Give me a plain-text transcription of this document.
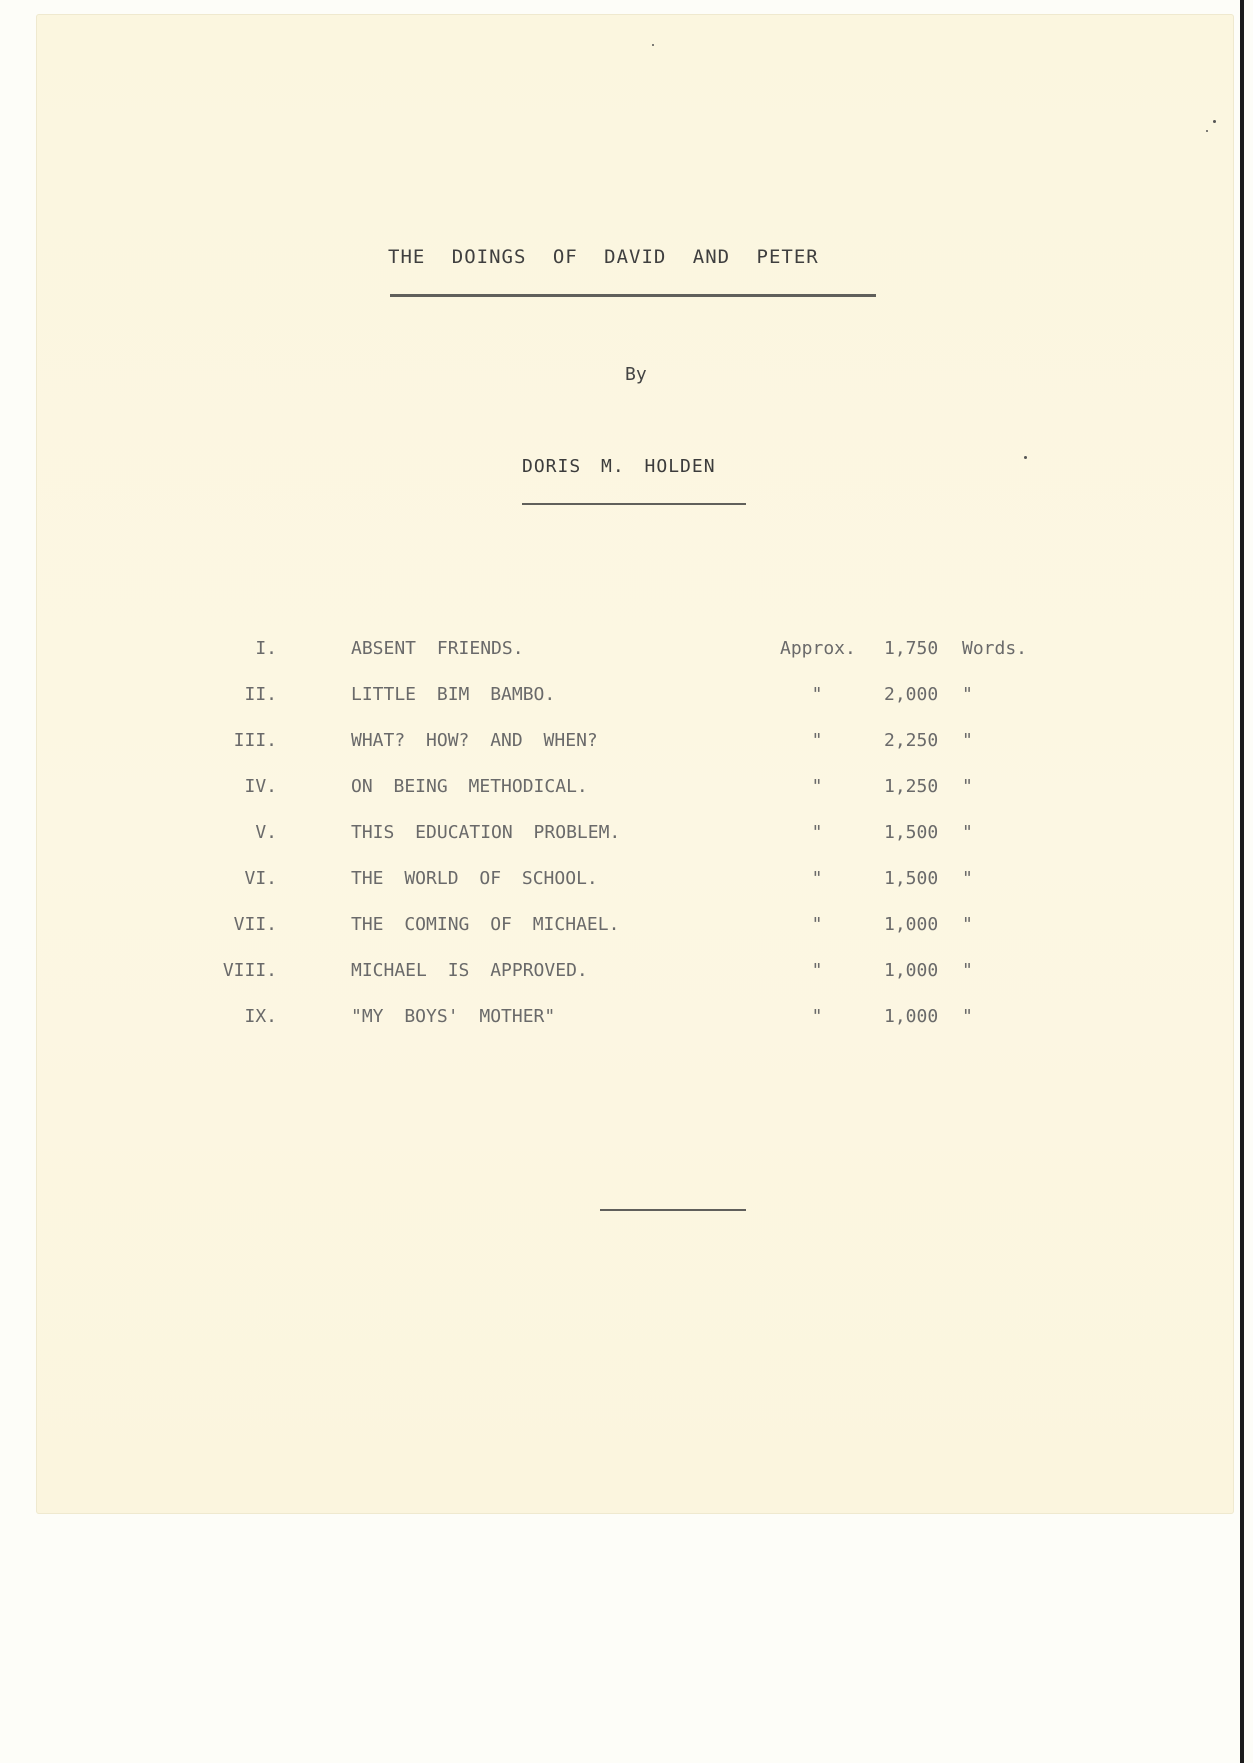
THE DOINGS OF DAVID AND PETER
By
DORIS M. HOLDEN
I.	ABSENT FRIENDS.	Approx. 1,750 Words.
II.	LITTLE BIM BAMBO.	"	2,000 "
III.	WHAT? HOW? AND WHEN?	"	2,250 "
IV.	ON BEING METHODICAL.	"	1,250 "
V.	THIS EDUCATION PROBLEM.	"	1,500 "
VI.	THE WORLD OF SCHOOL.	"	1,500 "
VII.	THE COMING OF MICHAEL.	"	1,000 "
VIII.	MICHAEL IS APPROVED.	"	1,000 "
IX.	"MY BOYS' MOTHER"	"	1,000 "
